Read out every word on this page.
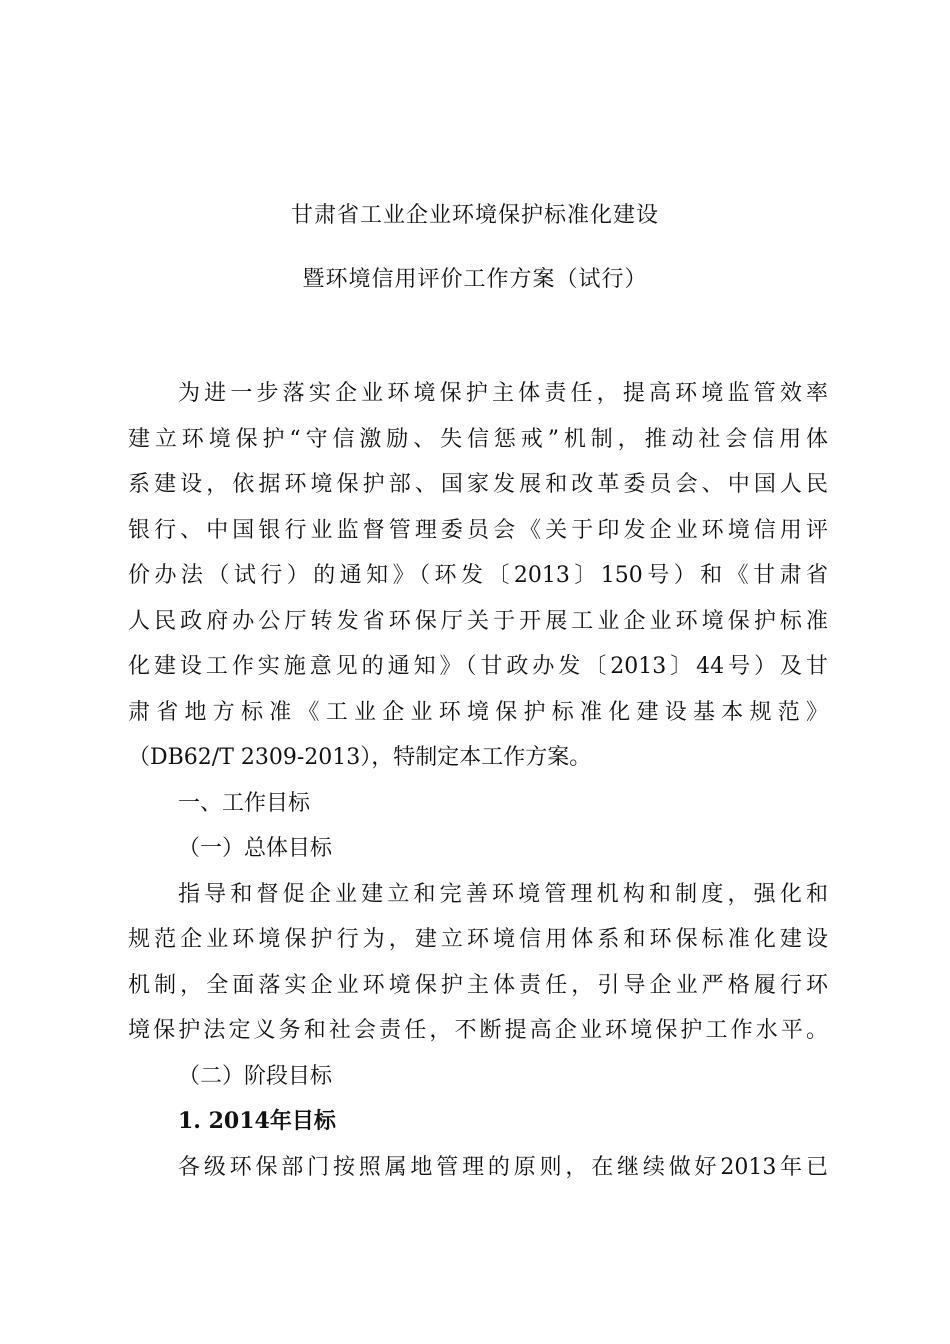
甘肃省工业企业环境保护标准化建设
暨环境信用评价工作方案（试行）
为进一步落实企业环境保护主体责任，提高环境监管效率
建立环境保护“守信激励、失信惩戒”机制，推动社会信用体
系建设，依据环境保护部、国家发展和改革委员会、中国人民
银行、中国银行业监督管理委员会《关于印发企业环境信用评
价办法（试行）的通知》（环发〔2013〕150号）和《甘肃省
人民政府办公厅转发省环保厅关于开展工业企业环境保护标准
化建设工作实施意见的通知》（甘政办发〔2013〕44号）及甘
肃省地方标准《工业企业环境保护标准化建设基本规范》
（DB62/T 2309-2013），特制定本工作方案。
一、工作目标
（一）总体目标
指导和督促企业建立和完善环境管理机构和制度，强化和
规范企业环境保护行为，建立环境信用体系和环保标准化建设
机制，全面落实企业环境保护主体责任，引导企业严格履行环
境保护法定义务和社会责任，不断提高企业环境保护工作水平。
（二）阶段目标
1. 2014年目标
各级环保部门按照属地管理的原则，在继续做好2013年已
